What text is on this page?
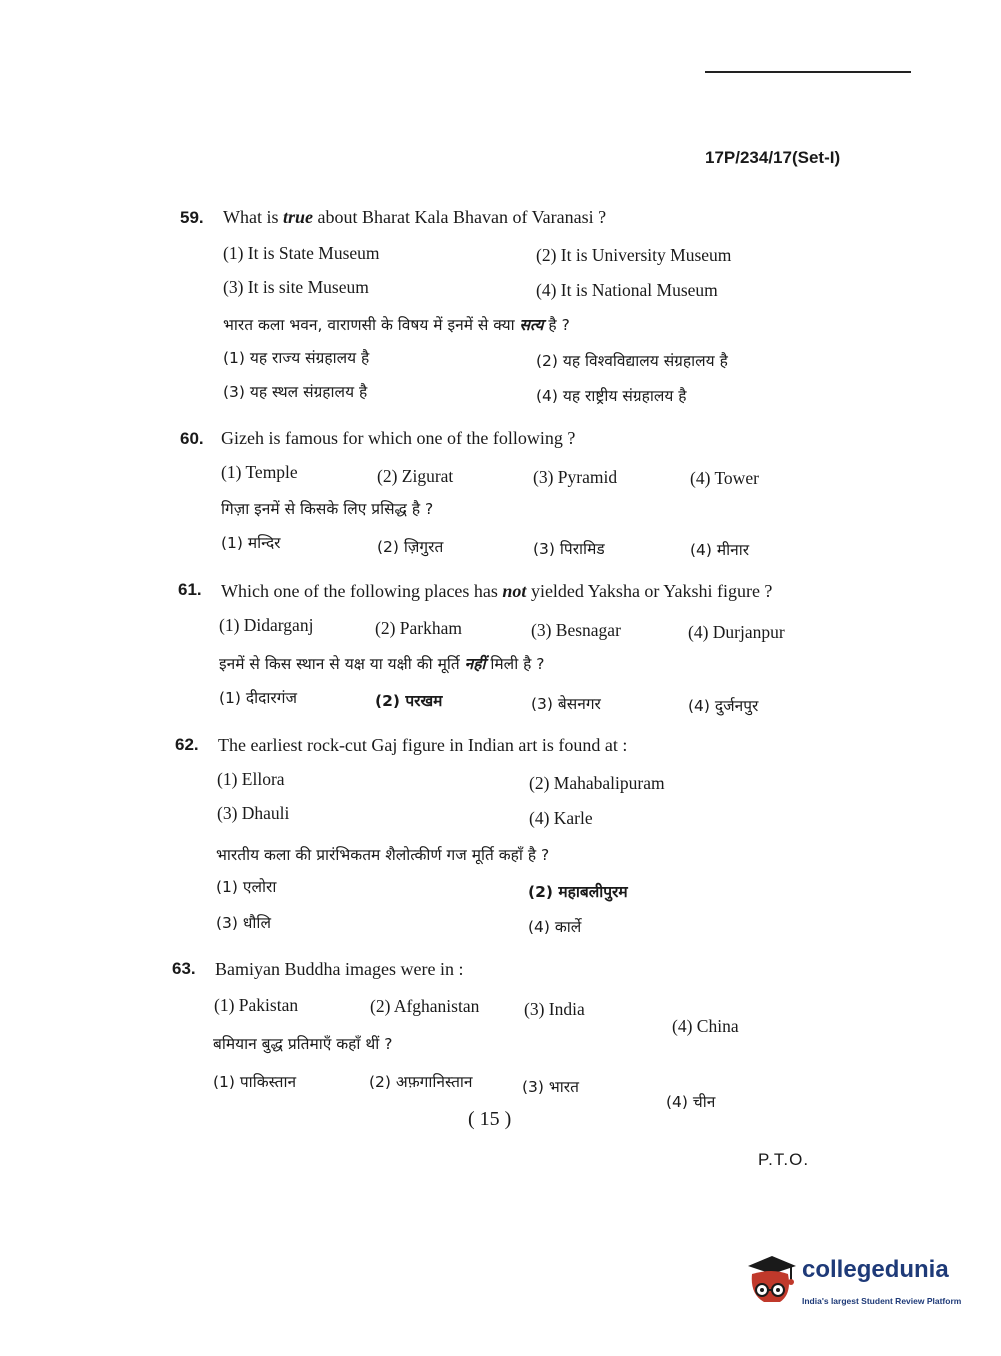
17P/234/17(Set-I)
59. What is true about Bharat Kala Bhavan of Varanasi ?
(1) It is State Museum	(2) It is University Museum
(3) It is site Museum	(4) It is National Museum
भारत कला भवन, वाराणसी के विषय में इनमें से क्या सत्य है ?
(1) यह राज्य संग्रहालय है	(2) यह विश्वविद्यालय संग्रहालय है
(3) यह स्थल संग्रहालय है	(4) यह राष्ट्रीय संग्रहालय है
60. Gizeh is famous for which one of the following ?
(1) Temple	(2) Zigurat	(3) Pyramid	(4) Tower
गिज़ा इनमें से किसके लिए प्रसिद्ध है ?
(1) मन्दिर	(2) ज़िगुरत	(3) पिरामिड	(4) मीनार
61. Which one of the following places has not yielded Yaksha or Yakshi figure ?
(1) Didarganj	(2) Parkham	(3) Besnagar	(4) Durjanpur
इनमें से किस स्थान से यक्ष या यक्षी की मूर्ति नहीं मिली है ?
(1) दीदारगंज	(2) परखम	(3) बेसनगर	(4) दुर्जनपुर
62. The earliest rock-cut Gaj figure in Indian art is found at :
(1) Ellora	(2) Mahabalipuram
(3) Dhauli	(4) Karle
भारतीय कला की प्रारंभिकतम शैलोत्कीर्ण गज मूर्ति कहाँ है ?
(1) एलोरा	(2) महाबलीपुरम
(3) धौलि	(4) कार्ले
63. Bamiyan Buddha images were in :
(1) Pakistan	(2) Afghanistan	(3) India
(4) China
बमियान बुद्ध प्रतिमाएँ कहाँ थीं ?
(1) पाकिस्तान	(2) अफ़गानिस्तान	(3) भारत
(4) चीन
( 15 )
P.T.O.
collegedunia
India's largest Student Review Platform
